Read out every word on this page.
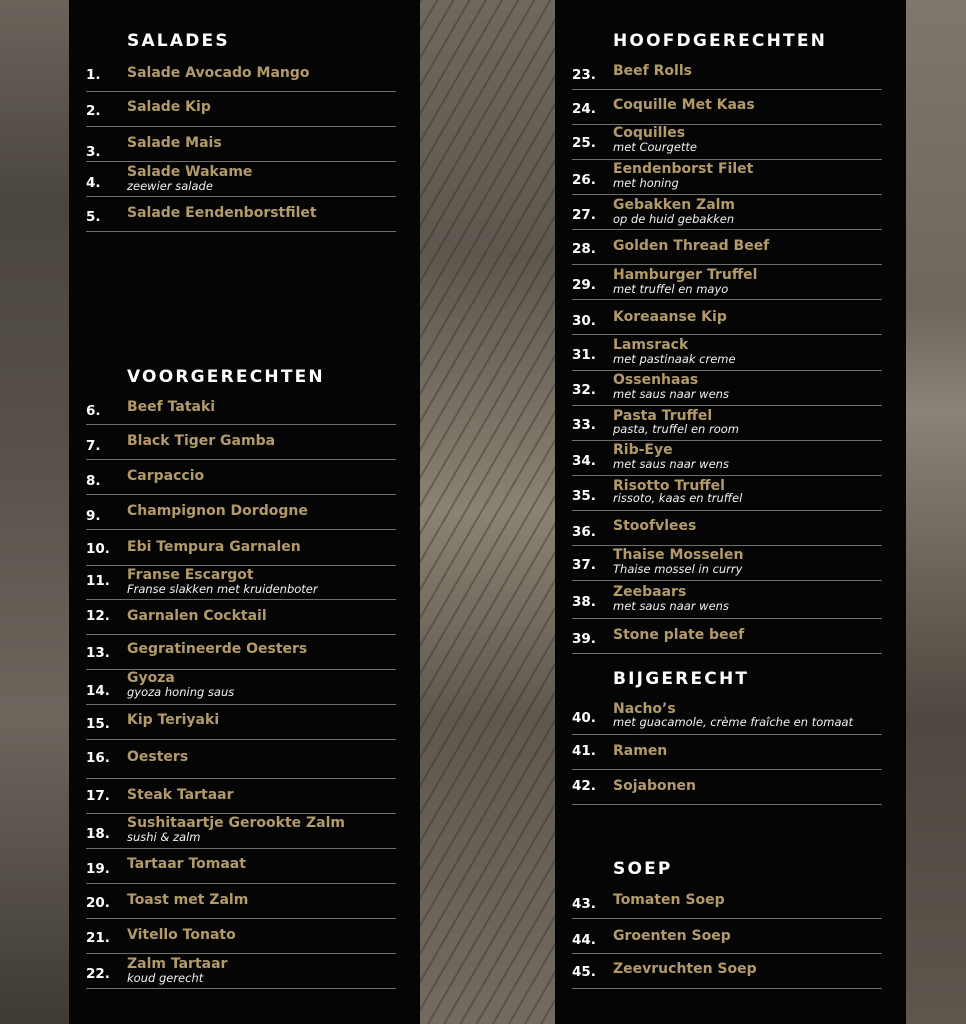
SALADES
1. Salade Avocado Mango
2. Salade Kip
3.
Salade Mais
4.
Salade Wakame
zeewier salade
5. Salade Eendenborstfilet
VOORGERECHTEN
6. Beef Tataki
7. Black Tiger Gamba
8. Carpaccio
9. Champignon Dordogne
10. Ebi Tempura Garnalen
11. Franse Escargot
Franse slakken met kruidenboter
12. Garnalen Cocktail
13. Gegratineerde Oesters
14.
Gyoza
gyoza honing saus
15. Kip Teriyaki
16. Oesters
17. Steak Tartaar
18.
Sushitaartje Gerookte Zalm
sushi & zalm
19. Tartaar Tomaat
20. Toast met Zalm
21. Vitello Tonato
22.
Zalm Tartaar
koud gerecht
HOOFDGERECHTEN
23. Beef Rolls
24. Coquille Met Kaas
25.
Coquilles
met Courgette
26.
Eendenborst Filet
met honing
27.
Gebakken Zalm
op de huid gebakken
28. Golden Thread Beef
29.
Hamburger Truffel
met truffel en mayo
30. Koreaanse Kip
31.
Lamsrack
met pastinaak creme
32.
Ossenhaas
met saus naar wens
33.
Pasta Truffel
pasta, truffel en room
34.
Rib-Eye
met saus naar wens
35.
Risotto Truffel
rissoto, kaas en truffel
36. Stoofvlees
37.
Thaise Mosselen
Thaise mossel in curry
38.
Zeebaars
met saus naar wens
39. Stone plate beef
BIJGERECHT
40.
Nacho’s
met guacamole, crème fraîche en tomaat
41. Ramen
42. Sojabonen
SOEP
43. Tomaten Soep
44. Groenten Soep
45. Zeevruchten Soep
